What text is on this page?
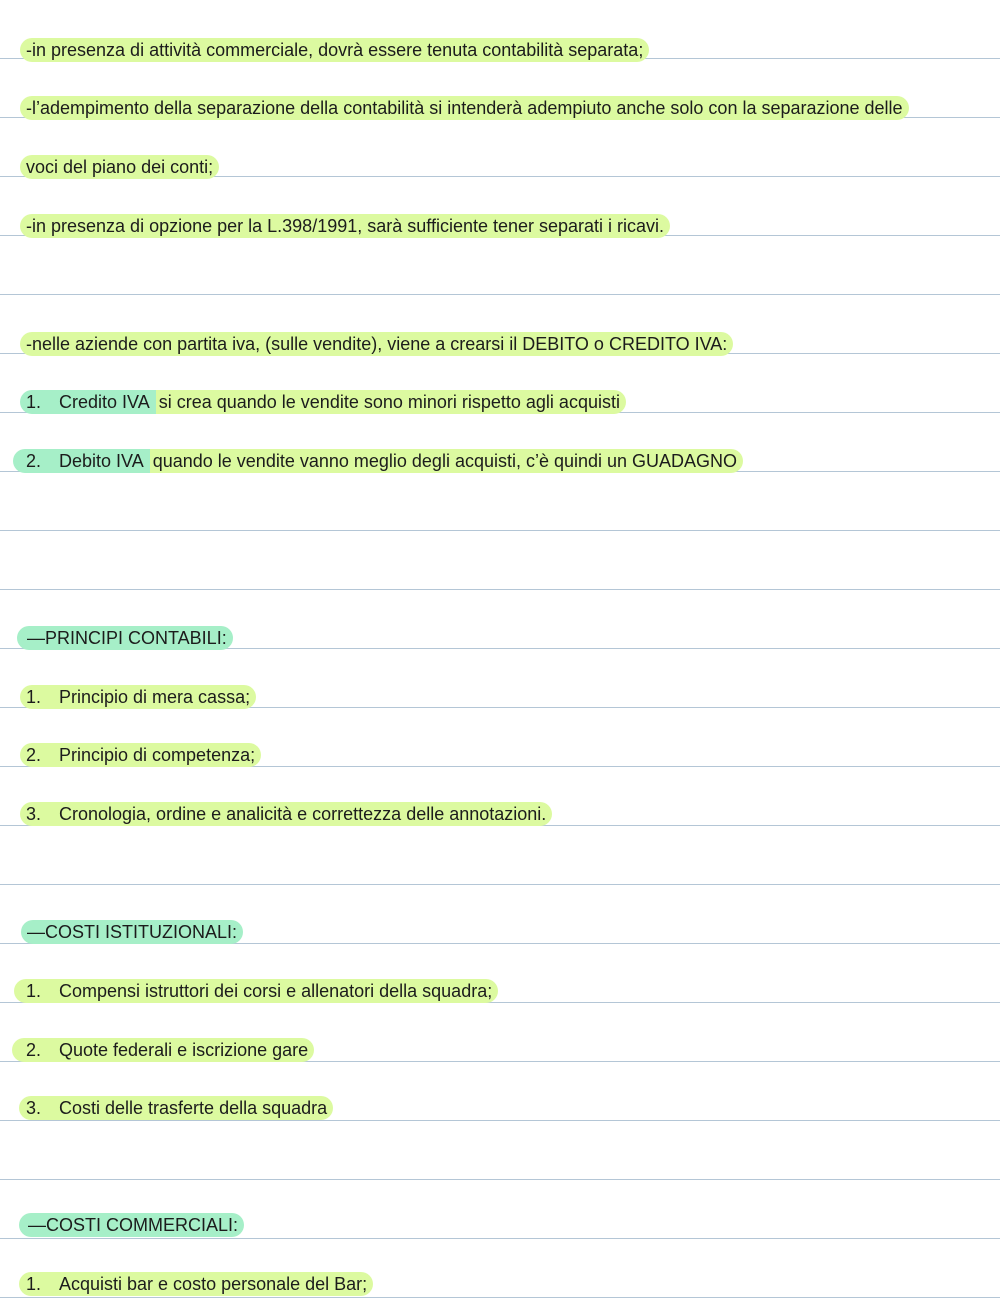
-in presenza di attività commerciale, dovrà essere tenuta contabilità separata;
-l’adempimento della separazione della contabilità si intenderà adempiuto anche solo con la separazione delle
voci del piano dei conti;
-in presenza di opzione per la L.398/1991, sarà sufficiente tener separati i ricavi.
-nelle aziende con partita iva, (sulle vendite), viene a crearsi il DEBITO o CREDITO IVA:
1. Credito IVA si crea quando le vendite sono minori rispetto agli acquisti
2. Debito IVA quando le vendite vanno meglio degli acquisti, c’è quindi un GUADAGNO
—PRINCIPI CONTABILI:
1. Principio di mera cassa;
2. Principio di competenza;
3. Cronologia, ordine e analicità e correttezza delle annotazioni.
—COSTI ISTITUZIONALI:
1. Compensi istruttori dei corsi e allenatori della squadra;
2. Quote federali e iscrizione gare
3. Costi delle trasferte della squadra
—COSTI COMMERCIALI:
1. Acquisti bar e costo personale del Bar;
